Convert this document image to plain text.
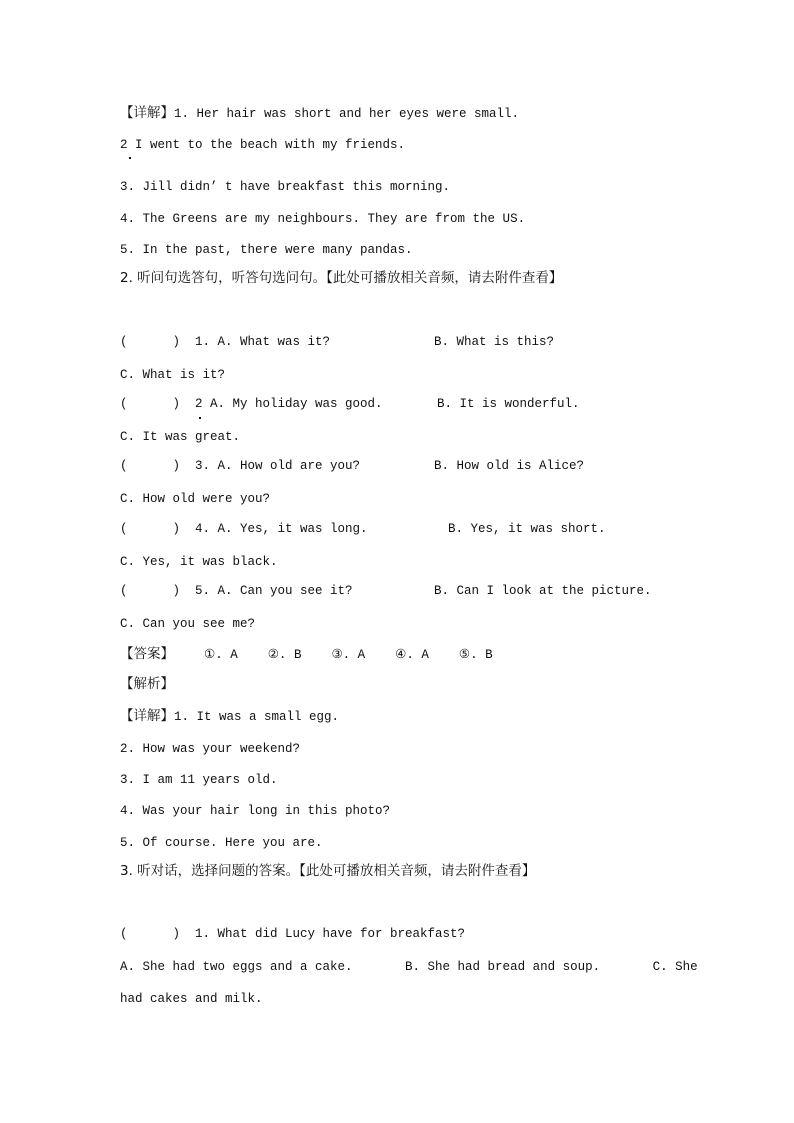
【详解】1. Her hair was short and her eyes were small.
2 I went to the beach with my friends.
3. Jill didn’ t have breakfast this morning.
4. The Greens are my neighbours. They are from the US.
5. In the past, there were many pandas.
2. 听问句选答句，听答句选问句。【此处可播放相关音频，请去附件查看】
(      )  1. A. What was it?	B. What is this?
C. What is it?
(      )  2 A. My holiday was good.	B. It is wonderful.
C. It was great.
(      )  3. A. How old are you?	B. How old is Alice?
C. How old were you?
(      )  4. A. Yes, it was long.	B. Yes, it was short.
C. Yes, it was black.
(      )  5. A. Can you see it?	B. Can I look at the picture.
C. Can you see me?
【答案】 ①. A    ②. B    ③. A    ④. A    ⑤. B
【解析】
【详解】1. It was a small egg.
2. How was your weekend?
3. I am 11 years old.
4. Was your hair long in this photo?
5. Of course. Here you are.
3. 听对话，选择问题的答案。【此处可播放相关音频，请去附件查看】
(      )  1. What did Lucy have for breakfast?
A. She had two eggs and a cake.       B. She had bread and soup.       C. She
had cakes and milk.
